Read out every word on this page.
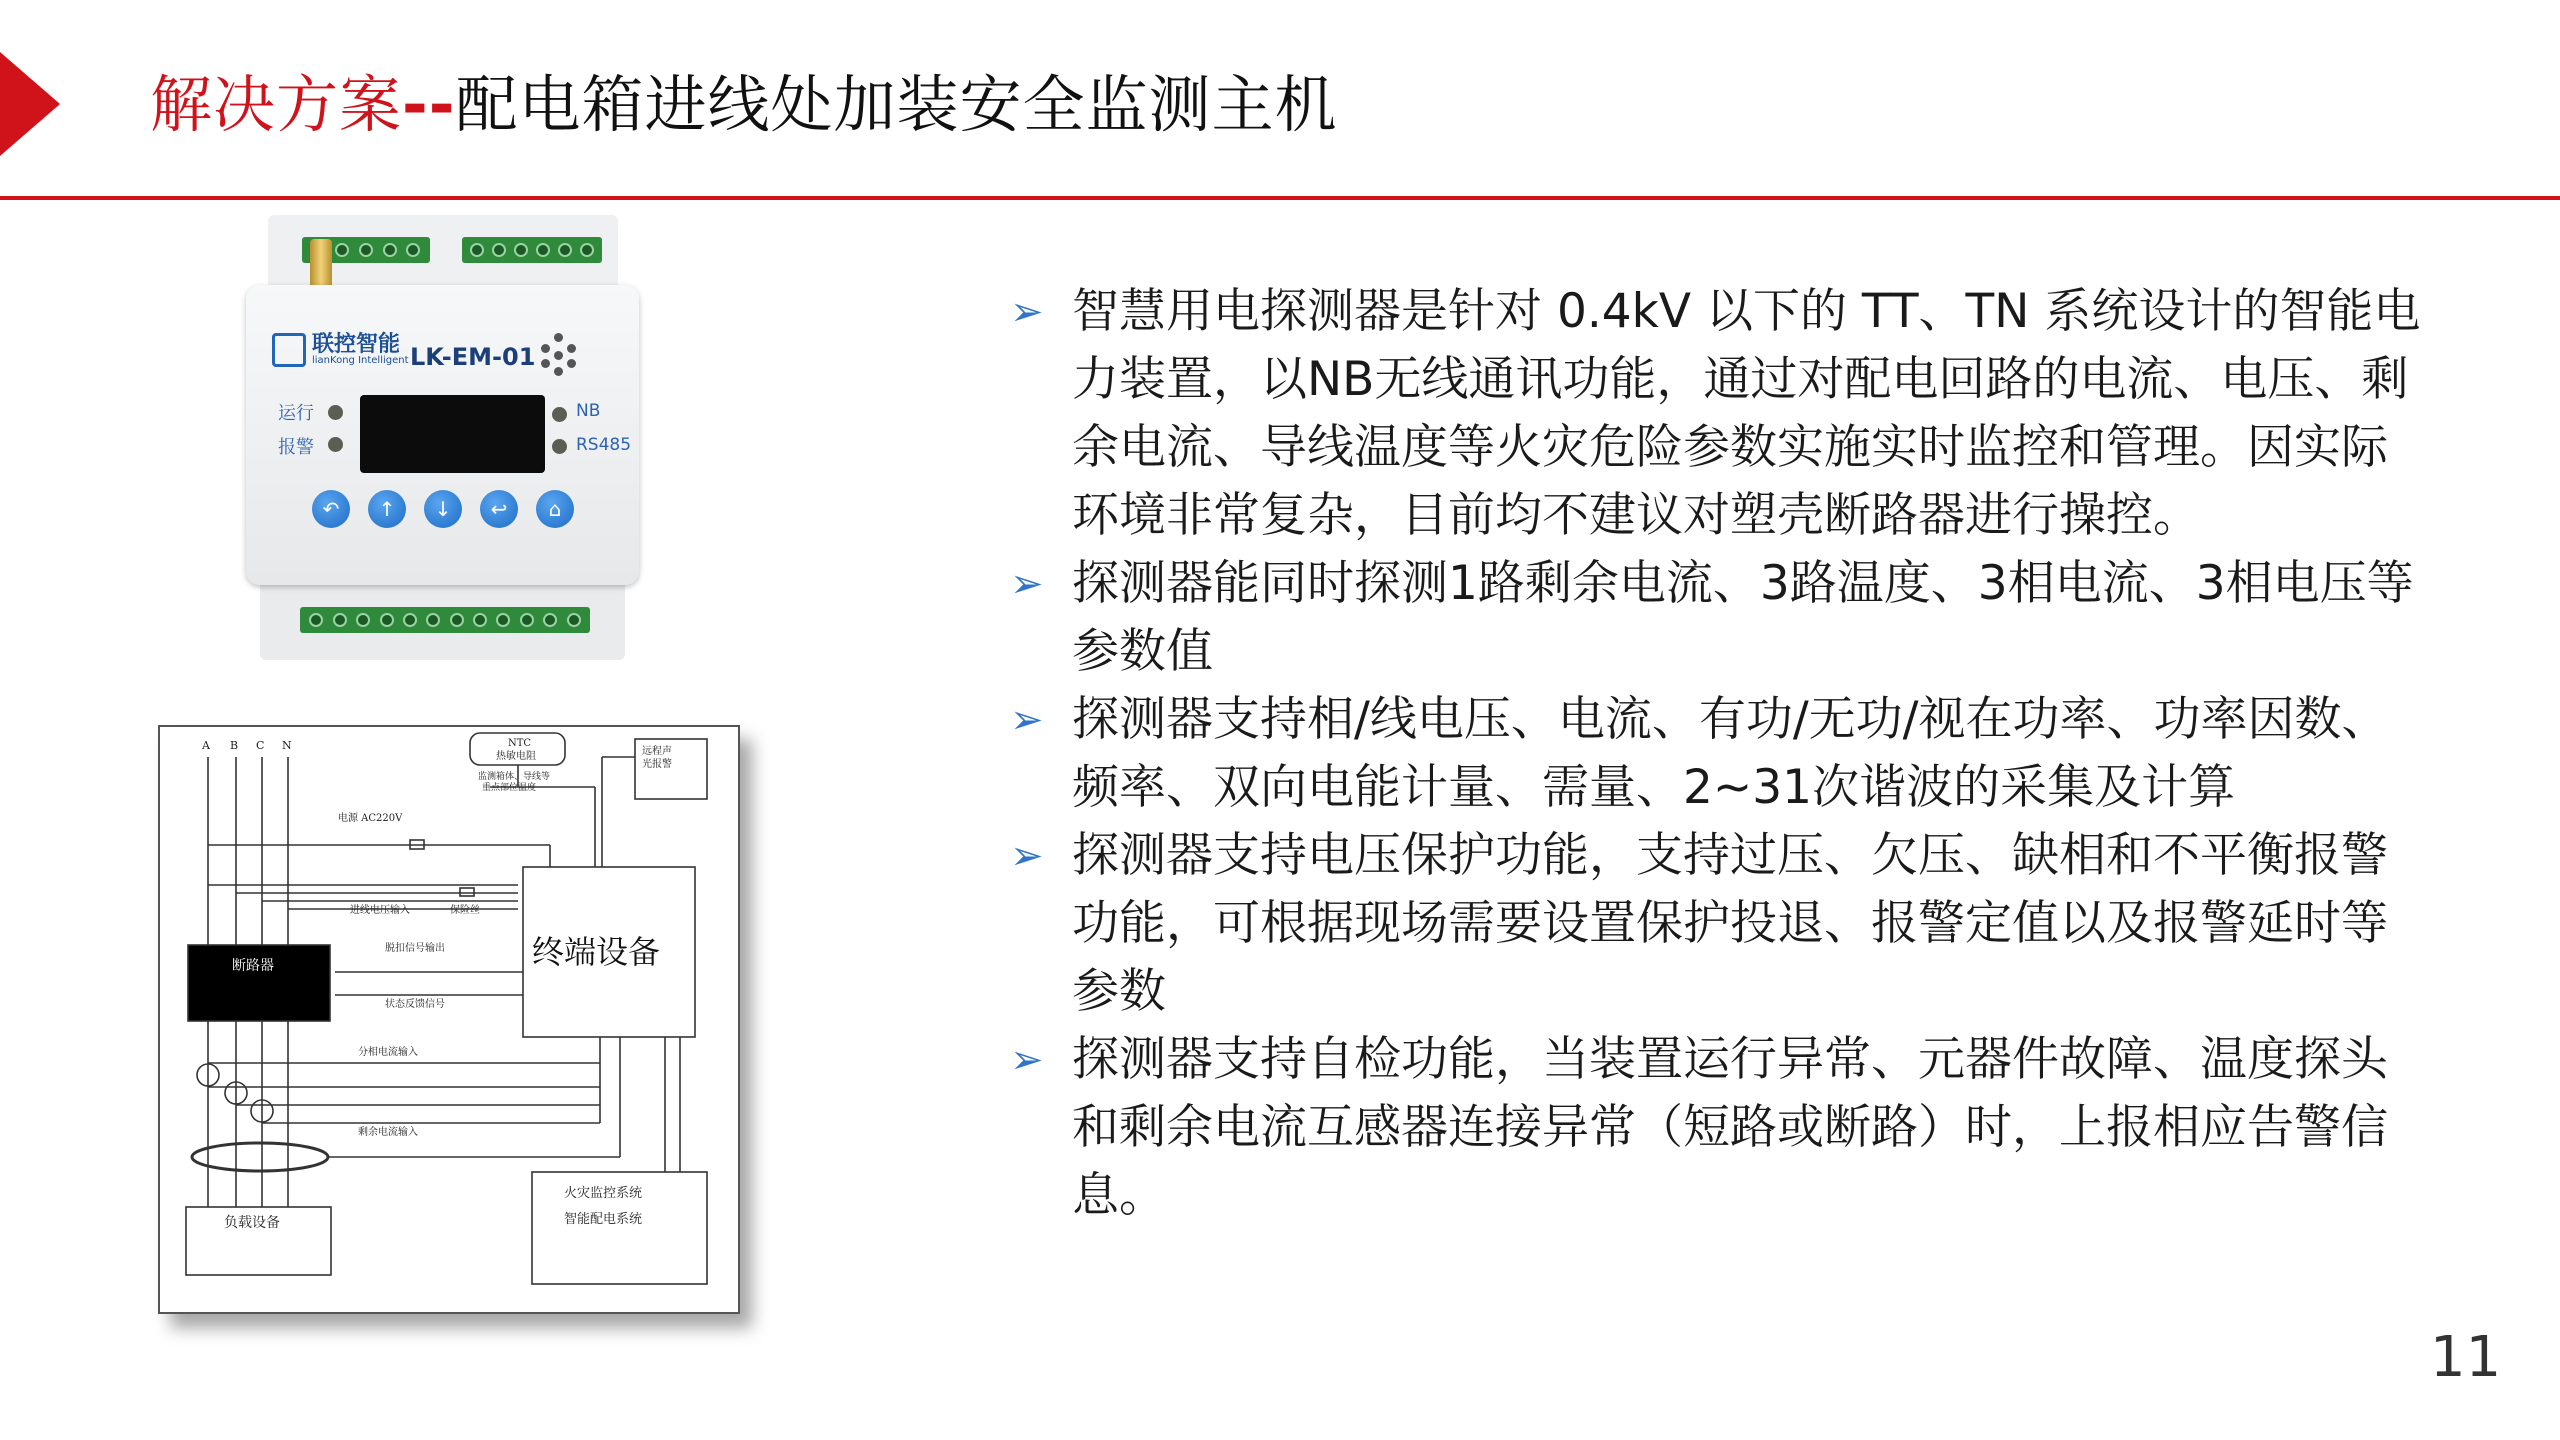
解决方案--配电箱进线处加装安全监测主机
联控智能
lianKong Intelligent LK-EM-01
运行
报警
NB
RS485
↶	↑	↓	↩	⌂
A B C N	NTC
热敏电阻
监测箱体、导线等
重点部位温度
远程声
光报警
电源 AC220V
进线电压输入	保险丝
脱扣信号输出
状态反馈信号
断路器	终端设备
分相电流输入
剩余电流输入
负载设备
火灾监控系统
智能配电系统
➢ 智慧用电探测器是针对 0.4kV 以下的 TT、TN 系统设计的智能电力装置，以NB无线通讯功能，通过对配电回路的电流、电压、剩余电流、导线温度等火灾危险参数实施实时监控和管理。因实际环境非常复杂，目前均不建议对塑壳断路器进行操控。
➢ 探测器能同时探测1路剩余电流、3路温度、3相电流、3相电压等参数值
➢ 探测器支持相/线电压、电流、有功/无功/视在功率、功率因数、频率、双向电能计量、需量、2~31次谐波的采集及计算
➢ 探测器支持电压保护功能，支持过压、欠压、缺相和不平衡报警功能，可根据现场需要设置保护投退、报警定值以及报警延时等参数
➢ 探测器支持自检功能，当装置运行异常、元器件故障、温度探头和剩余电流互感器连接异常（短路或断路）时，上报相应告警信息。
11
